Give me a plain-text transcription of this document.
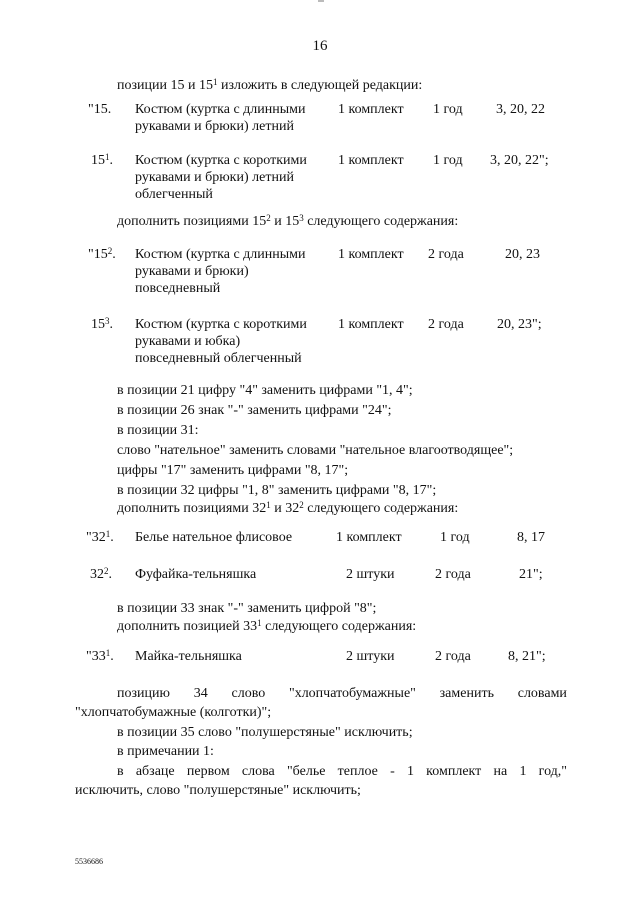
16
позиции 15 и $15^1$ изложить в следующей редакции:
"15. Костюм (куртка с длинными
рукавами и брюки) летний
1 комплект 1 год 3, 20, 22
$15^1$. Костюм (куртка с короткими
рукавами и брюки) летний
облегченный
1 комплект 1 год 3, 20, 22";
дополнить позициями $15^2$ и $15^3$ следующего содержания:
"$15^2$. Костюм (куртка с длинными
рукавами и брюки)
повседневный
1 комплект 2 года	20, 23
$15^3$. Костюм (куртка с короткими
рукавами и юбка)
повседневный облегченный
1 комплект 2 года 20, 23";
в позиции 21 цифру "4" заменить цифрами "1, 4";
в позиции 26 знак "-" заменить цифрами "24";
в позиции 31:
слово "нательное" заменить словами "нательное влагоотводящее";
цифры "17" заменить цифрами "8, 17";
в позиции 32 цифры "1, 8" заменить цифрами "8, 17";
дополнить позициями $32^1$ и $32^2$ следующего содержания:
"$32^1$. Белье нательное флисовое	1 комплект	1 год	8, 17
$32^2$. Фуфайка-тельняшка	2 штуки	2 года	21";
в позиции 33 знак "-" заменить цифрой "8";
дополнить позицией $33^1$ следующего содержания:
"$33^1$. Майка-тельняшка	2 штуки	2 года	8, 21";
позицию 34 слово "хлопчатобумажные" заменить словами
"хлопчатобумажные (колготки)";
в позиции 35 слово "полушерстяные" исключить;
в примечании 1:
в абзаце первом слова "белье теплое - 1 комплект на 1 год,"
исключить, слово "полушерстяные" исключить;
5536686
